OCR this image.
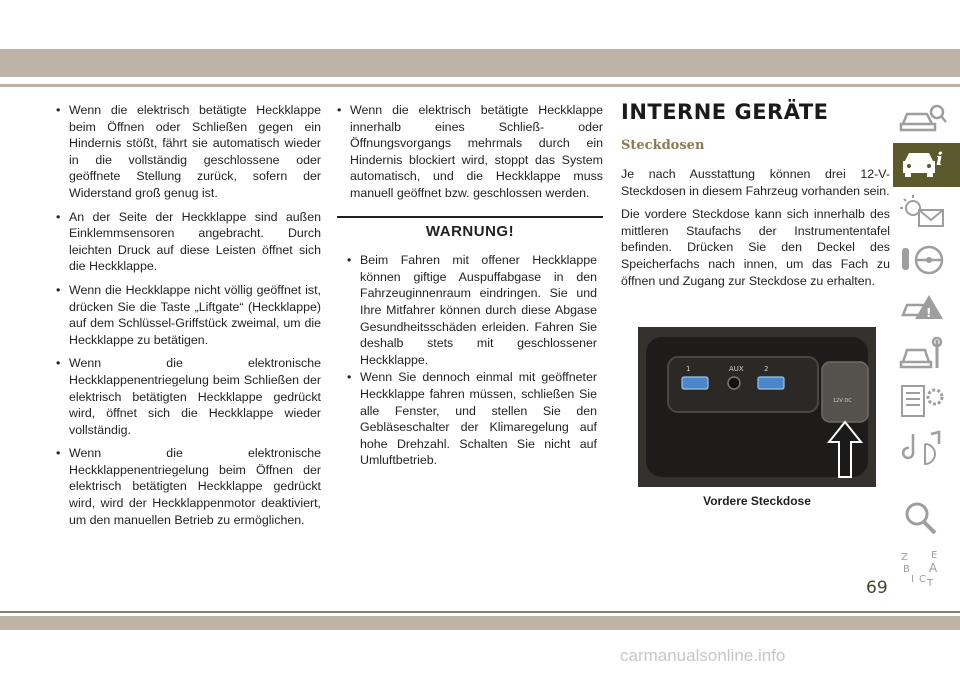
• Wenn die elektrisch betätigte Heckklappe beim Öffnen oder Schließen gegen ein Hindernis stößt, fährt sie automatisch wieder in die vollständig geschlossene oder geöffnete Stellung zurück, sofern der Widerstand groß genug ist.
• An der Seite der Heckklappe sind außen Einklemmsensoren angebracht. Durch leichten Druck auf diese Leisten öffnet sich die Heckklappe.
• Wenn die Heckklappe nicht völlig geöffnet ist, drücken Sie die Taste „Liftgate“ (Heckklappe) auf dem Schlüssel-Griffstück zweimal, um die Heckklappe zu betätigen.
• Wenn die elektronische Heckklappenentriegelung beim Schließen der elektrisch betätigten Heckklappe gedrückt wird, öffnet sich die Heckklappe wieder vollständig.
• Wenn die elektronische Heckklappenentriegelung beim Öffnen der elektrisch betätigten Heckklappe gedrückt wird, wird der Heckklappenmotor deaktiviert, um den manuellen Betrieb zu ermöglichen.
• Wenn die elektrisch betätigte Heckklappe innerhalb eines Schließ- oder Öffnungsvorgangs mehrmals durch ein Hindernis blockiert wird, stoppt das System automatisch, und die Heckklappe muss manuell geöffnet bzw. geschlossen werden.
WARNUNG!
• Beim Fahren mit offener Heckklappe können giftige Auspuffabgase in den Fahrzeuginnenraum eindringen. Sie und Ihre Mitfahrer können durch diese Abgase Gesundheitsschäden erleiden. Fahren Sie deshalb stets mit geschlossener Heckklappe.
• Wenn Sie dennoch einmal mit geöffneter Heckklappe fahren müssen, schließen Sie alle Fenster, und stellen Sie den Gebläseschalter der Klimaregelung auf hohe Drehzahl. Schalten Sie nicht auf Umluftbetrieb.
INTERNE GERÄTE
Steckdosen

Je nach Ausstattung können drei 12-V-Steckdosen in diesem Fahrzeug vorhanden sein.

Die vordere Steckdose kann sich innerhalb des mittleren Staufachs der Instrumententafel befinden. Drücken Sie den Deckel des Speicherfachs nach innen, um das Fach zu öffnen und Zugang zur Steckdose zu erhalten.

1	AUX	2
12V DC
Vordere Steckdose
i
!
Z E
B A
I C T
69
carmanualsonline.info
